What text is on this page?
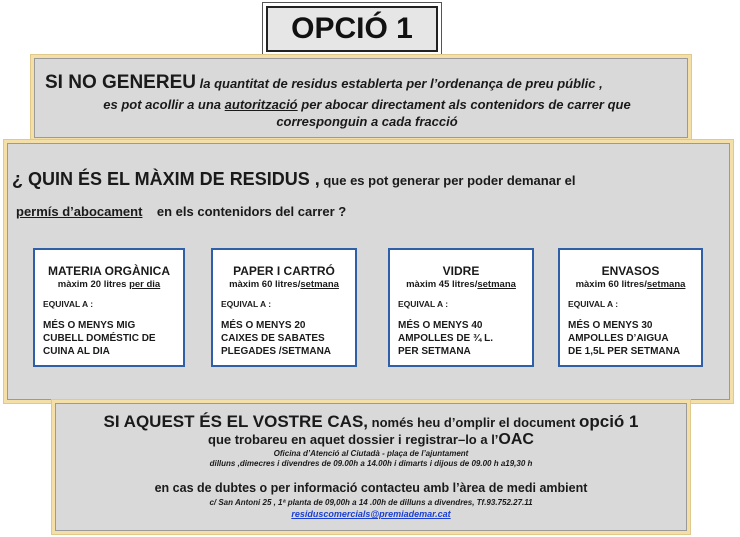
OPCIÓ 1
SI NO GENEREU la quantitat de residus establerta per l’ordenança de preu públic ,
es pot acollir a una autorització per abocar directament als contenidors de carrer que
corresponguin a cada fracció
¿ QUIN ÉS EL MÀXIM DE RESIDUS , que es pot generar per poder demanar el
permís d’abocament en els contenidors del carrer ?
MATERIA ORGÀNICA
màxim 20 litres per dia
EQUIVAL A :
MÉS O MENYS MIG
CUBELL DOMÉSTIC DE
CUINA AL DIA
PAPER I CARTRÓ
màxim 60 litres/setmana
EQUIVAL A :
MÉS O MENYS 20
CAIXES DE SABATES
PLEGADES /SETMANA
VIDRE
màxim 45 litres/setmana
EQUIVAL A :
MÉS O MENYS 40
AMPOLLES DE ¾ L.
PER SETMANA
ENVASOS
màxim 60 litres/setmana
EQUIVAL A :
MÉS O MENYS 30
AMPOLLES D’AIGUA
DE 1,5L PER SETMANA
SI AQUEST ÉS EL VOSTRE CAS, només heu d’omplir el document opció 1
que trobareu en aquet dossier i registrar–lo a l’OAC
Oficina d’Atenció al Ciutadà - plaça de l’ajuntament
dilluns ,dimecres i divendres de 09.00h a 14.00h i dimarts i dijous de 09.00 h a19,30 h
en cas de dubtes o per informació contacteu amb l’àrea de medi ambient
c/ San Antoni 25 , 1ª planta de 09,00h a 14 .00h de dilluns a divendres, Tf.93.752.27.11
residuscomercials@premiademar.cat
